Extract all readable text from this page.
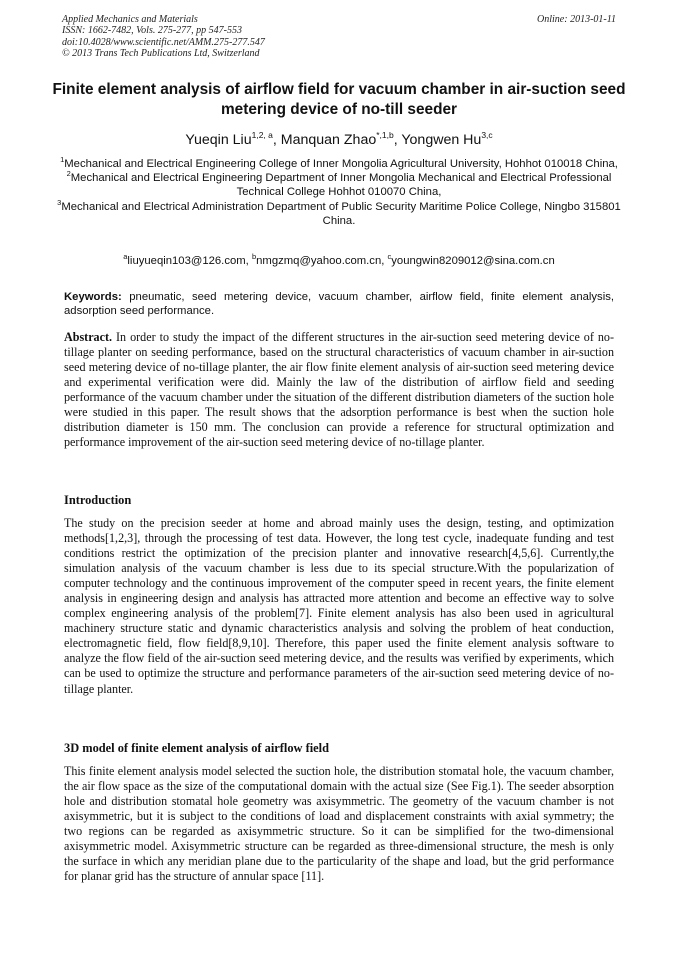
Applied Mechanics and Materials
ISSN: 1662-7482, Vols. 275-277, pp 547-553
doi:10.4028/www.scientific.net/AMM.275-277.547
© 2013 Trans Tech Publications Ltd, Switzerland
Online: 2013-01-11
Finite element analysis of airflow field for vacuum chamber in air-suction seed metering device of no-till seeder
Yueqin Liu$^{1,2, a}$, Manquan Zhao$^{*,1,b}$, Yongwen Hu$^{3,c}$

$^1$Mechanical and Electrical Engineering College of Inner Mongolia Agricultural University, Hohhot 010018 China,

$^2$Mechanical and Electrical Engineering Department of Inner Mongolia Mechanical and Electrical Professional Technical College Hohhot 010070 China,

$^3$Mechanical and Electrical Administration Department of Public Security Maritime Police College, Ningbo 315801 China.

$^a$liuyueqin103@126.com, $^b$nmgzmq@yahoo.com.cn, $^c$youngwin8209012@sina.com.cn
Keywords: pneumatic, seed metering device, vacuum chamber, airflow field, finite element analysis, adsorption seed performance.

Abstract. In order to study the impact of the different structures in the air-suction seed metering device of no-tillage planter on seeding performance, based on the structural characteristics of vacuum chamber in air-suction seed metering device of no-tillage planter, the air flow finite element analysis of air-suction seed metering device and experimental verification were did. Mainly the law of the distribution of airflow field and seeding performance of the vacuum chamber under the situation of the different distribution diameters of the suction hole were studied in this paper. The result shows that the adsorption performance is best when the suction hole distribution diameter is 150 mm. The conclusion can provide a reference for structural optimization and performance improvement of the air-suction seed metering device of no-tillage planter.

Introduction

The study on the precision seeder at home and abroad mainly uses the design, testing, and optimization methods[1,2,3], through the processing of test data. However, the long test cycle, inadequate funding and test conditions restrict the optimization of the precision planter and innovative research[4,5,6]. Currently,the simulation analysis of the vacuum chamber is less due to its special structure.With the popularization of computer technology and the continuous improvement of the computer speed in recent years, the finite element analysis in engineering design and analysis has attracted more attention and become an effective way to solve complex engineering analysis of the problem[7]. Finite element analysis has also been used in agricultural machinery structure static and dynamic characteristics analysis and solving the problem of heat conduction, electromagnetic field, flow field[8,9,10]. Therefore, this paper used the finite element analysis software to analyze the flow field of the air-suction seed metering device, and the results was verified by experiments, which can be used to optimize the structure and performance parameters of the air-suction seed metering device of no-tillage planter.

3D model of finite element analysis of airflow field

This finite element analysis model selected the suction hole, the distribution stomatal hole, the vacuum chamber, the air flow space as the size of the computational domain with the actual size (See Fig.1). The seeder absorption hole and distribution stomatal hole geometry was axisymmetric. The geometry of the vacuum chamber is not axisymmetric, but it is subject to the conditions of load and displacement constraints with axial symmetry; the two regions can be regarded as axisymmetric structure. So it can be simplified for the two-dimensional axisymmetric model. Axisymmetric structure can be regarded as three-dimensional structure, the mesh is only the surface in which any meridian plane due to the particularity of the shape and load, but the grid performance for planar grid has the structure of annular space [11].
